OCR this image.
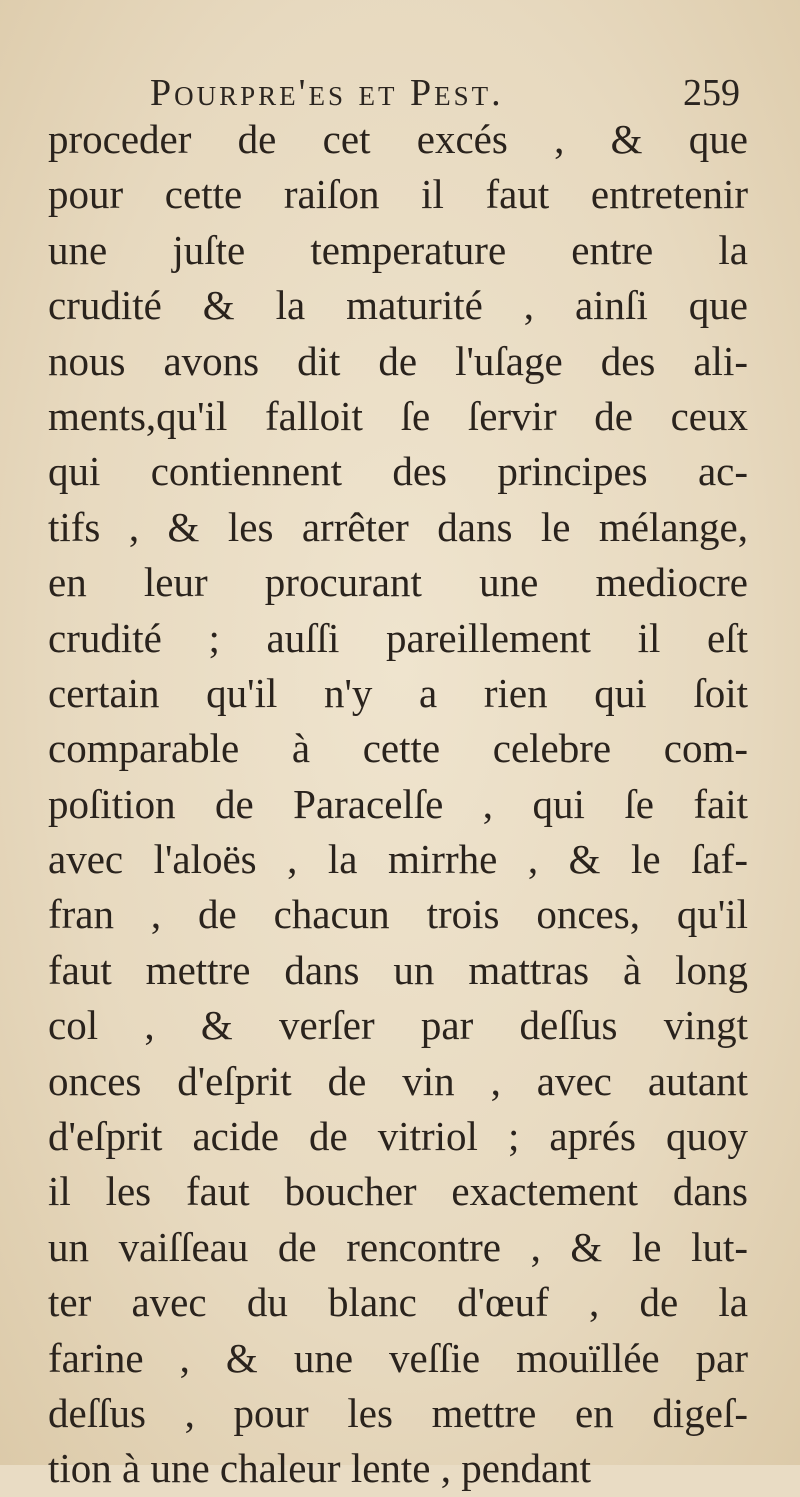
Pourpre'es et Pest.	259
proceder de cet excés , & que
pour cette raiſon il faut entretenir
une juſte temperature entre la
crudité & la maturité , ainſi que
nous avons dit de l'uſage des ali-
ments,qu'il falloit ſe ſervir de ceux
qui contiennent des principes ac-
tifs , & les arrêter dans le mélange,
en leur procurant une mediocre
crudité ; auſſi pareillement il eſt
certain qu'il n'y a rien qui ſoit
comparable à cette celebre com-
poſition de Paracelſe , qui ſe fait
avec l'aloës , la mirrhe , & le ſaf-
fran , de chacun trois onces, qu'il
faut mettre dans un mattras à long
col , & verſer par deſſus vingt
onces d'eſprit de vin , avec autant
d'eſprit acide de vitriol ; aprés quoy
il les faut boucher exactement dans
un vaiſſeau de rencontre , & le lut-
ter avec du blanc d'œuf , de la
farine , & une veſſie mouïllée par
deſſus , pour les mettre en digeſ-
tion à une chaleur lente , pendant
